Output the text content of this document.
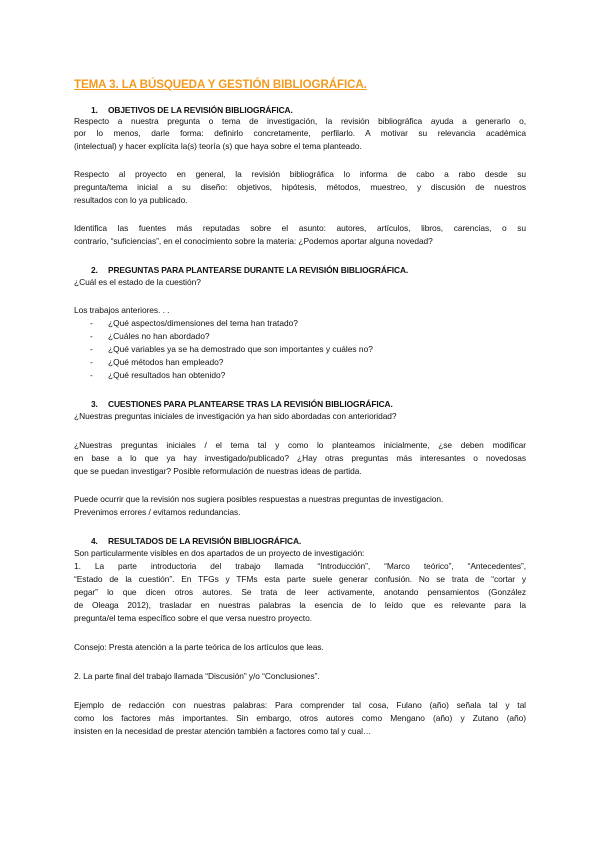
TEMA 3. LA BÚSQUEDA Y GESTIÓN BIBLIOGRÁFICA.
1. OBJETIVOS DE LA REVISIÓN BIBLIOGRÁFICA.
Respecto a nuestra pregunta o tema de investigación, la revisión bibliográfica ayuda a generarlo o,
por lo menos, darle forma: definirlo concretamente, perfilarlo. A motivar su relevancia académica
(intelectual) y hacer explícita la(s) teoría (s) que haya sobre el tema planteado.
Respecto al proyecto en general, la revisión bibliográfica lo informa de cabo a rabo desde su
pregunta/tema inicial a su diseño: objetivos, hipótesis, métodos, muestreo, y discusión de nuestros
resultados con lo ya publicado.
Identifica las fuentes más reputadas sobre el asunto: autores, artículos, libros, carencias, o su
contrario, “suficiencias”, en el conocimiento sobre la materia: ¿Podemos aportar alguna novedad?
2. PREGUNTAS PARA PLANTEARSE DURANTE LA REVISIÓN BIBLIOGRÁFICA.
¿Cuál es el estado de la cuestión?
Los trabajos anteriores. . .
- ¿Qué aspectos/dimensiones del tema han tratado?
- ¿Cuáles no han abordado?
- ¿Qué variables ya se ha demostrado que son importantes y cuáles no?
- ¿Qué métodos han empleado?
- ¿Qué resultados han obtenido?
3. CUESTIONES PARA PLANTEARSE TRAS LA REVISIÓN BIBLIOGRÁFICA.
¿Nuestras preguntas iniciales de investigación ya han sido abordadas con anterioridad?
¿Nuestras preguntas iniciales / el tema tal y como lo planteamos inicialmente, ¿se deben modificar
en base a lo que ya hay investigado/publicado? ¿Hay otras preguntas más interesantes o novedosas
que se puedan investigar? Posible reformulación de nuestras ideas de partida.
Puede ocurrir que la revisión nos sugiera posibles respuestas a nuestras preguntas de investigacion.
Prevenimos errores / evitamos redundancias.
4. RESULTADOS DE LA REVISIÓN BIBLIOGRÁFICA.
Son particularmente visibles en dos apartados de un proyecto de investigación:
1. La parte introductoria del trabajo llamada “Introducción”, “Marco teórico”, “Antecedentes”,
“Estado de la cuestión”. En TFGs y TFMs esta parte suele generar confusión. No se trata de “cortar y
pegar” lo que dicen otros autores. Se trata de leer activamente, anotando pensamientos (González
de Oleaga 2012), trasladar en nuestras palabras la esencia de lo leído que es relevante para la
pregunta/el tema específico sobre el que versa nuestro proyecto.
Consejo: Presta atención a la parte teórica de los artículos que leas.
2. La parte final del trabajo llamada “Discusión” y/o “Conclusiones”.
Ejemplo de redacción con nuestras palabras: Para comprender tal cosa, Fulano (año) señala tal y tal
como los factores más importantes. Sin embargo, otros autores como Mengano (año) y Zutano (año)
insisten en la necesidad de prestar atención también a factores como tal y cual…
